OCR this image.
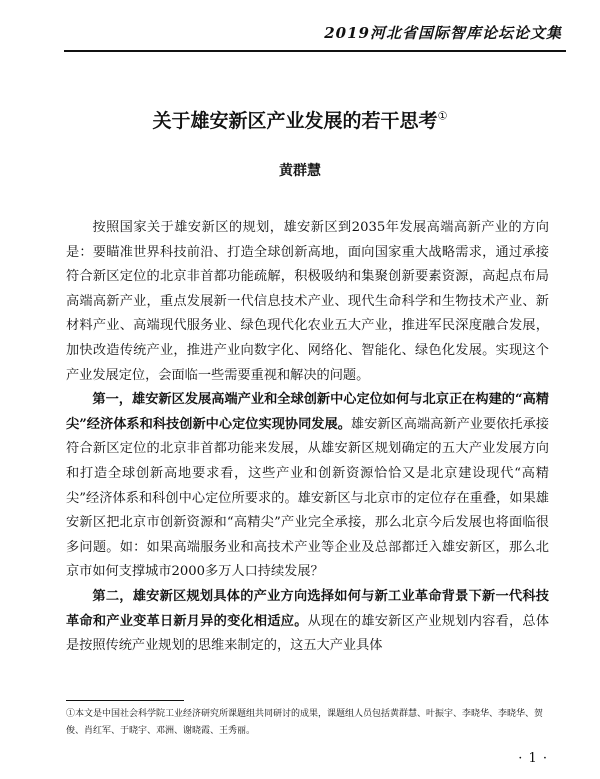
2019河北省国际智库论坛论文集
关于雄安新区产业发展的若干思考①
黄群慧

按照国家关于雄安新区的规划，雄安新区到2035年发展高端高新产业的方向是：要瞄准世界科技前沿、打造全球创新高地，面向国家重大战略需求，通过承接符合新区定位的北京非首都功能疏解，积极吸纳和集聚创新要素资源，高起点布局高端高新产业，重点发展新一代信息技术产业、现代生命科学和生物技术产业、新材料产业、高端现代服务业、绿色现代化农业五大产业，推进军民深度融合发展，加快改造传统产业，推进产业向数字化、网络化、智能化、绿色化发展。实现这个产业发展定位，会面临一些需要重视和解决的问题。

第一，雄安新区发展高端产业和全球创新中心定位如何与北京正在构建的“高精尖”经济体系和科技创新中心定位实现协同发展。雄安新区高端高新产业要依托承接符合新区定位的北京非首都功能来发展，从雄安新区规划确定的五大产业发展方向和打造全球创新高地要求看，这些产业和创新资源恰恰又是北京建设现代“高精尖”经济体系和科创中心定位所要求的。雄安新区与北京市的定位存在重叠，如果雄安新区把北京市创新资源和“高精尖”产业完全承接，那么北京今后发展也将面临很多问题。如：如果高端服务业和高技术产业等企业及总部都迁入雄安新区，那么北京市如何支撑城市2000多万人口持续发展？

第二，雄安新区规划具体的产业方向选择如何与新工业革命背景下新一代科技革命和产业变革日新月异的变化相适应。从现在的雄安新区产业规划内容看，总体是按照传统产业规划的思维来制定的，这五大产业具体

①本文是中国社会科学院工业经济研究所课题组共同研讨的成果，课题组人员包括黄群慧、叶振宇、李晓华、李晓华、贺俊、肖红军、于晓宇、邓洲、谢晓霞、王秀丽。
· 1 ·
